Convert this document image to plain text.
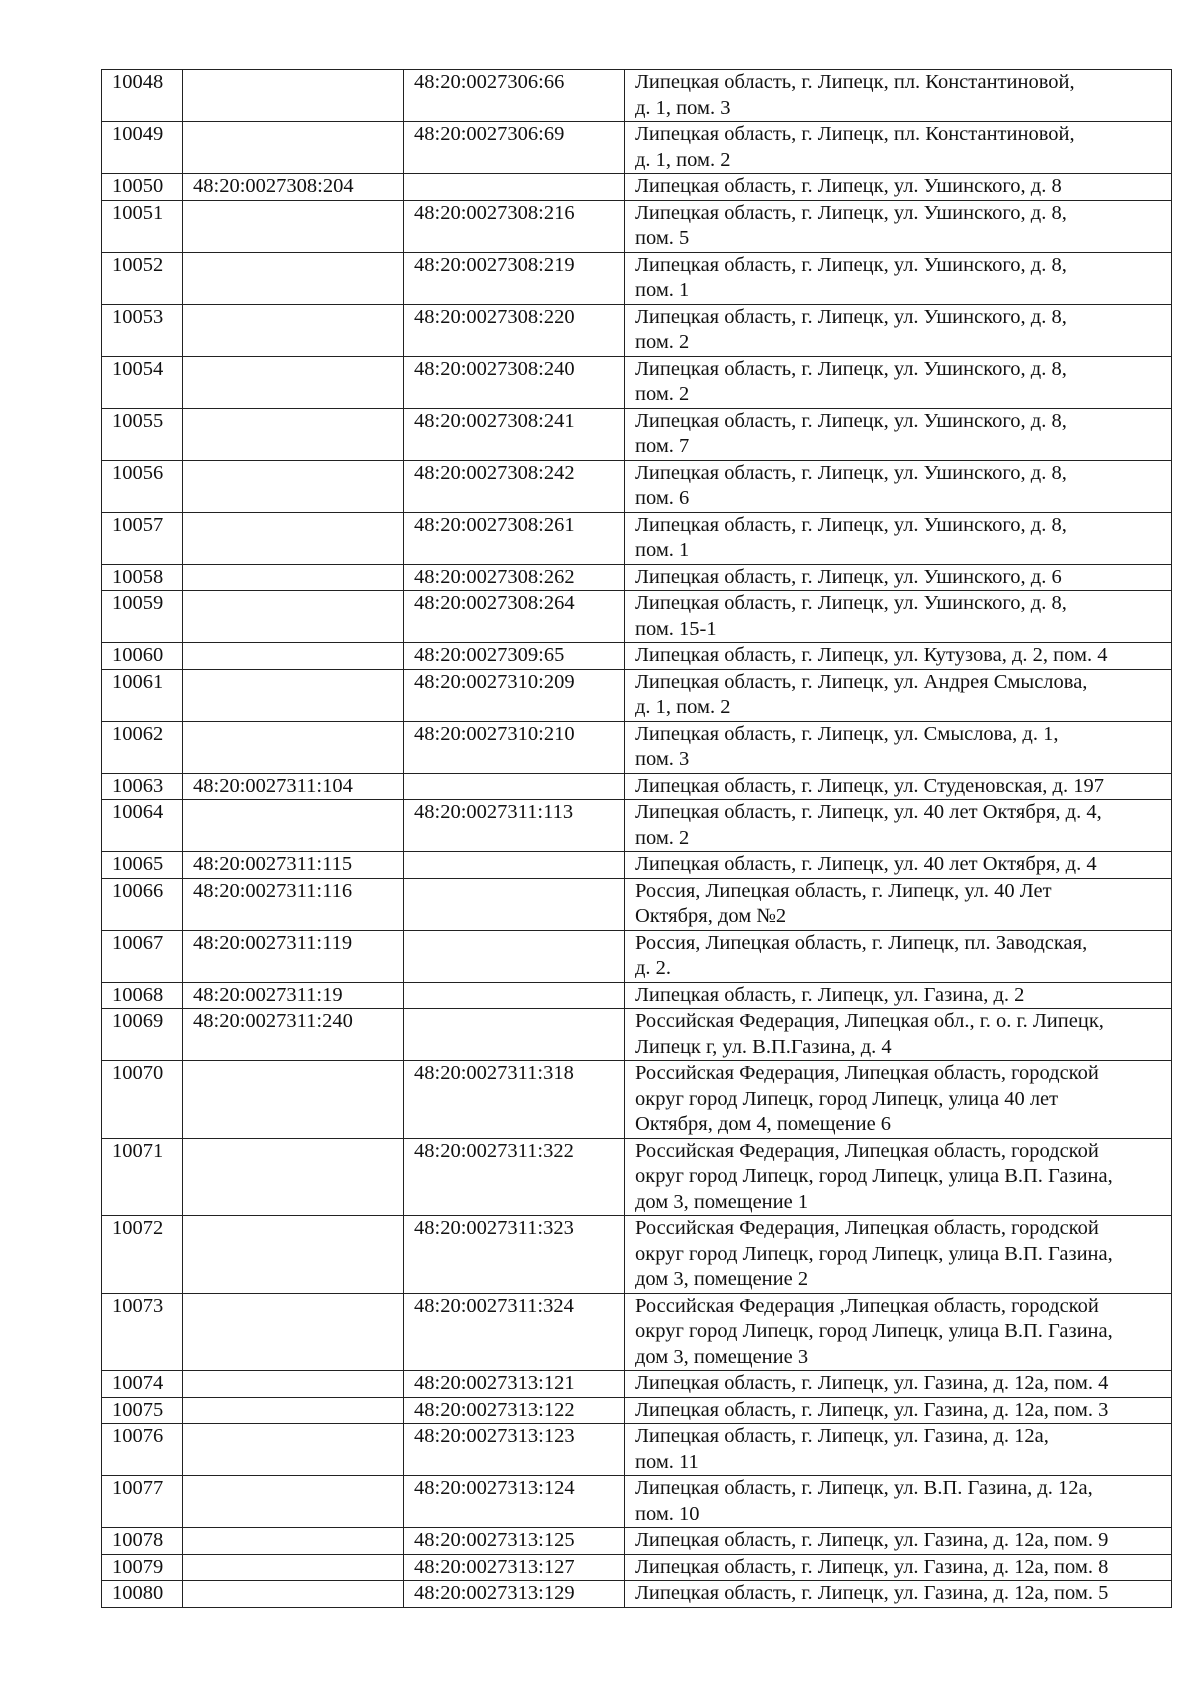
10048		48:20:0027306:66	Липецкая область, г. Липецк, пл. Константиновой,
д. 1, пом. 3
10049		48:20:0027306:69	Липецкая область, г. Липецк, пл. Константиновой,
д. 1, пом. 2
10050	48:20:0027308:204		Липецкая область, г. Липецк, ул. Ушинского, д. 8
10051		48:20:0027308:216	Липецкая область, г. Липецк, ул. Ушинского, д. 8,
пом. 5
10052		48:20:0027308:219	Липецкая область, г. Липецк, ул. Ушинского, д. 8,
пом. 1
10053		48:20:0027308:220	Липецкая область, г. Липецк, ул. Ушинского, д. 8,
пом. 2
10054		48:20:0027308:240	Липецкая область, г. Липецк, ул. Ушинского, д. 8,
пом. 2
10055		48:20:0027308:241	Липецкая область, г. Липецк, ул. Ушинского, д. 8,
пом. 7
10056		48:20:0027308:242	Липецкая область, г. Липецк, ул. Ушинского, д. 8,
пом. 6
10057		48:20:0027308:261	Липецкая область, г. Липецк, ул. Ушинского, д. 8,
пом. 1
10058		48:20:0027308:262	Липецкая область, г. Липецк, ул. Ушинского, д. 6
10059		48:20:0027308:264	Липецкая область, г. Липецк, ул. Ушинского, д. 8,
пом. 15-1
10060		48:20:0027309:65	Липецкая область, г. Липецк, ул. Кутузова, д. 2, пом. 4
10061		48:20:0027310:209	Липецкая область, г. Липецк, ул. Андрея Смыслова,
д. 1, пом. 2
10062		48:20:0027310:210	Липецкая область, г. Липецк, ул. Смыслова, д. 1,
пом. 3
10063	48:20:0027311:104		Липецкая область, г. Липецк, ул. Студеновская, д. 197
10064		48:20:0027311:113	Липецкая область, г. Липецк, ул. 40 лет Октября, д. 4,
пом. 2
10065	48:20:0027311:115		Липецкая область, г. Липецк, ул. 40 лет Октября, д. 4
10066	48:20:0027311:116		Россия, Липецкая область, г. Липецк, ул. 40 Лет
Октября, дом №2
10067	48:20:0027311:119		Россия, Липецкая область, г. Липецк, пл. Заводская,
д. 2.
10068	48:20:0027311:19		Липецкая область, г. Липецк, ул. Газина, д. 2
10069	48:20:0027311:240		Российская Федерация, Липецкая обл., г. о. г. Липецк,
Липецк г, ул. В.П.Газина, д. 4
10070		48:20:0027311:318	Российская Федерация, Липецкая область, городской
округ город Липецк, город Липецк, улица 40 лет
Октября, дом 4, помещение 6
10071		48:20:0027311:322	Российская Федерация, Липецкая область, городской
округ город Липецк, город Липецк, улица В.П. Газина,
дом 3, помещение 1
10072		48:20:0027311:323	Российская Федерация, Липецкая область, городской
округ город Липецк, город Липецк, улица В.П. Газина,
дом 3, помещение 2
10073		48:20:0027311:324	Российская Федерация ,Липецкая область, городской
округ город Липецк, город Липецк, улица В.П. Газина,
дом 3, помещение 3
10074		48:20:0027313:121	Липецкая область, г. Липецк, ул. Газина, д. 12а, пом. 4
10075		48:20:0027313:122	Липецкая область, г. Липецк, ул. Газина, д. 12а, пом. 3
10076		48:20:0027313:123	Липецкая область, г. Липецк, ул. Газина, д. 12а,
пом. 11
10077		48:20:0027313:124	Липецкая область, г. Липецк, ул. В.П. Газина, д. 12а,
пом. 10
10078		48:20:0027313:125	Липецкая область, г. Липецк, ул. Газина, д. 12а, пом. 9
10079		48:20:0027313:127	Липецкая область, г. Липецк, ул. Газина, д. 12а, пом. 8
10080		48:20:0027313:129	Липецкая область, г. Липецк, ул. Газина, д. 12а, пом. 5
